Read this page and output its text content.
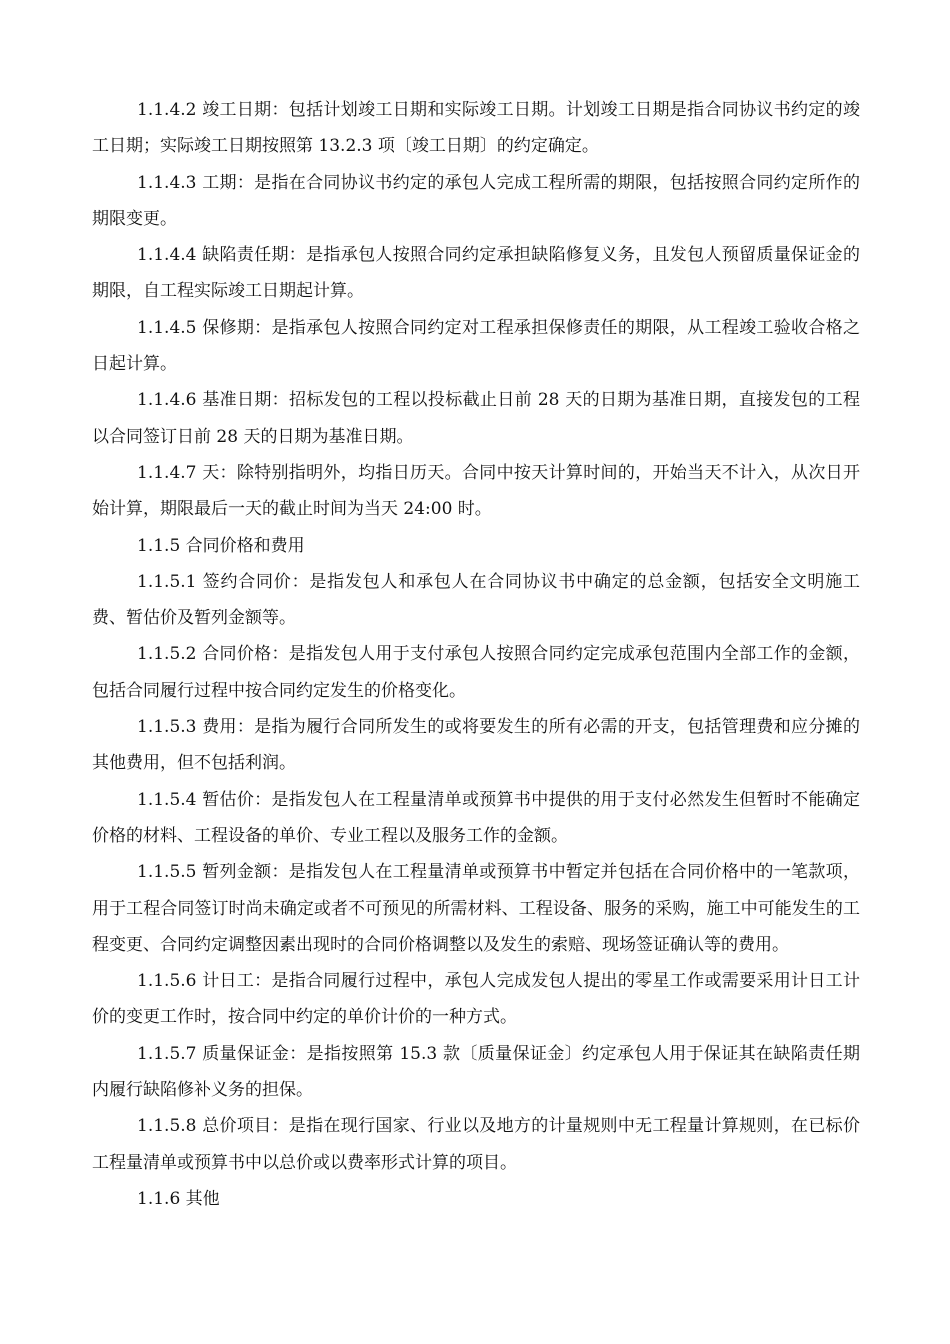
1.1.4.2 竣工日期：包括计划竣工日期和实际竣工日期。计划竣工日期是指合同协议书约定的竣工日期；实际竣工日期按照第 13.2.3 项〔竣工日期〕的约定确定。

1.1.4.3 工期：是指在合同协议书约定的承包人完成工程所需的期限，包括按照合同约定所作的期限变更。

1.1.4.4 缺陷责任期：是指承包人按照合同约定承担缺陷修复义务，且发包人预留质量保证金的期限，自工程实际竣工日期起计算。

1.1.4.5 保修期：是指承包人按照合同约定对工程承担保修责任的期限，从工程竣工验收合格之日起计算。

1.1.4.6 基准日期：招标发包的工程以投标截止日前 28 天的日期为基准日期，直接发包的工程以合同签订日前 28 天的日期为基准日期。

1.1.4.7 天：除特别指明外，均指日历天。合同中按天计算时间的，开始当天不计入，从次日开始计算，期限最后一天的截止时间为当天 24:00 时。

1.1.5 合同价格和费用

1.1.5.1 签约合同价：是指发包人和承包人在合同协议书中确定的总金额，包括安全文明施工费、暂估价及暂列金额等。

1.1.5.2 合同价格：是指发包人用于支付承包人按照合同约定完成承包范围内全部工作的金额，包括合同履行过程中按合同约定发生的价格变化。

1.1.5.3 费用：是指为履行合同所发生的或将要发生的所有必需的开支，包括管理费和应分摊的其他费用，但不包括利润。

1.1.5.4 暂估价：是指发包人在工程量清单或预算书中提供的用于支付必然发生但暂时不能确定价格的材料、工程设备的单价、专业工程以及服务工作的金额。

1.1.5.5 暂列金额：是指发包人在工程量清单或预算书中暂定并包括在合同价格中的一笔款项，用于工程合同签订时尚未确定或者不可预见的所需材料、工程设备、服务的采购，施工中可能发生的工程变更、合同约定调整因素出现时的合同价格调整以及发生的索赔、现场签证确认等的费用。

1.1.5.6 计日工：是指合同履行过程中，承包人完成发包人提出的零星工作或需要采用计日工计价的变更工作时，按合同中约定的单价计价的一种方式。

1.1.5.7 质量保证金：是指按照第 15.3 款〔质量保证金〕约定承包人用于保证其在缺陷责任期内履行缺陷修补义务的担保。

1.1.5.8 总价项目：是指在现行国家、行业以及地方的计量规则中无工程量计算规则，在已标价工程量清单或预算书中以总价或以费率形式计算的项目。

1.1.6 其他
